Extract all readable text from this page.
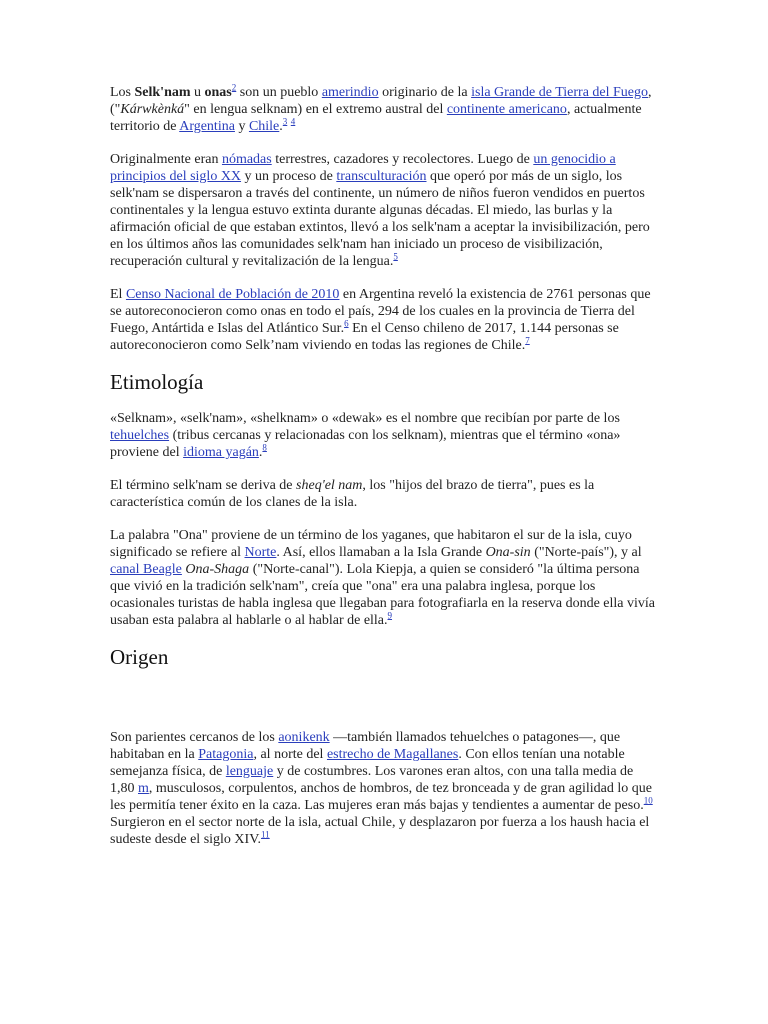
Los Selk'nam u onas$^2$ son un pueblo amerindio originario de la isla Grande de Tierra del Fuego, ("Kárwkènká" en lengua selknam) en el extremo austral del continente americano, actualmente territorio de Argentina y Chile.$^3$ $^4$

Originalmente eran nómadas terrestres, cazadores y recolectores. Luego de un genocidio a principios del siglo XX y un proceso de transculturación que operó por más de un siglo, los selk'nam se dispersaron a través del continente, un número de niños fueron vendidos en puertos continentales y la lengua estuvo extinta durante algunas décadas. El miedo, las burlas y la afirmación oficial de que estaban extintos, llevó a los selk'nam a aceptar la invisibilización, pero en los últimos años las comunidades selk'nam han iniciado un proceso de visibilización, recuperación cultural y revitalización de la lengua.$^5$

El Censo Nacional de Población de 2010 en Argentina reveló la existencia de 2761 personas que se autoreconocieron como onas en todo el país, 294 de los cuales en la provincia de Tierra del Fuego, Antártida e Islas del Atlántico Sur.$^6$ En el Censo chileno de 2017, 1.144 personas se autoreconocieron como Selk’nam viviendo en todas las regiones de Chile.$^7$

Etimología

«Selknam», «selk'nam», «shelknam» o «dewak» es el nombre que recibían por parte de los tehuelches (tribus cercanas y relacionadas con los selknam), mientras que el término «ona» proviene del idioma yagán.$^8$

El término selk'nam se deriva de sheq'el nam, los "hijos del brazo de tierra", pues es la característica común de los clanes de la isla.

La palabra "Ona" proviene de un término de los yaganes, que habitaron el sur de la isla, cuyo significado se refiere al Norte. Así, ellos llamaban a la Isla Grande Ona-sin ("Norte-país"), y al canal Beagle Ona-Shaga ("Norte-canal"). Lola Kiepja, a quien se consideró "la última persona que vivió en la tradición selk'nam", creía que "ona" era una palabra inglesa, porque los ocasionales turistas de habla inglesa que llegaban para fotografiarla en la reserva donde ella vivía usaban esta palabra al hablarle o al hablar de ella.$^9$

Origen

Son parientes cercanos de los aonikenk —también llamados tehuelches o patagones—, que habitaban en la Patagonia, al norte del estrecho de Magallanes. Con ellos tenían una notable semejanza física, de lenguaje y de costumbres. Los varones eran altos, con una talla media de 1,80 m, musculosos, corpulentos, anchos de hombros, de tez bronceada y de gran agilidad lo que les permitía tener éxito en la caza. Las mujeres eran más bajas y tendientes a aumentar de peso.$^{10}$ Surgieron en el sector norte de la isla, actual Chile, y desplazaron por fuerza a los haush hacia el sudeste desde el siglo XIV.$^{11}$
